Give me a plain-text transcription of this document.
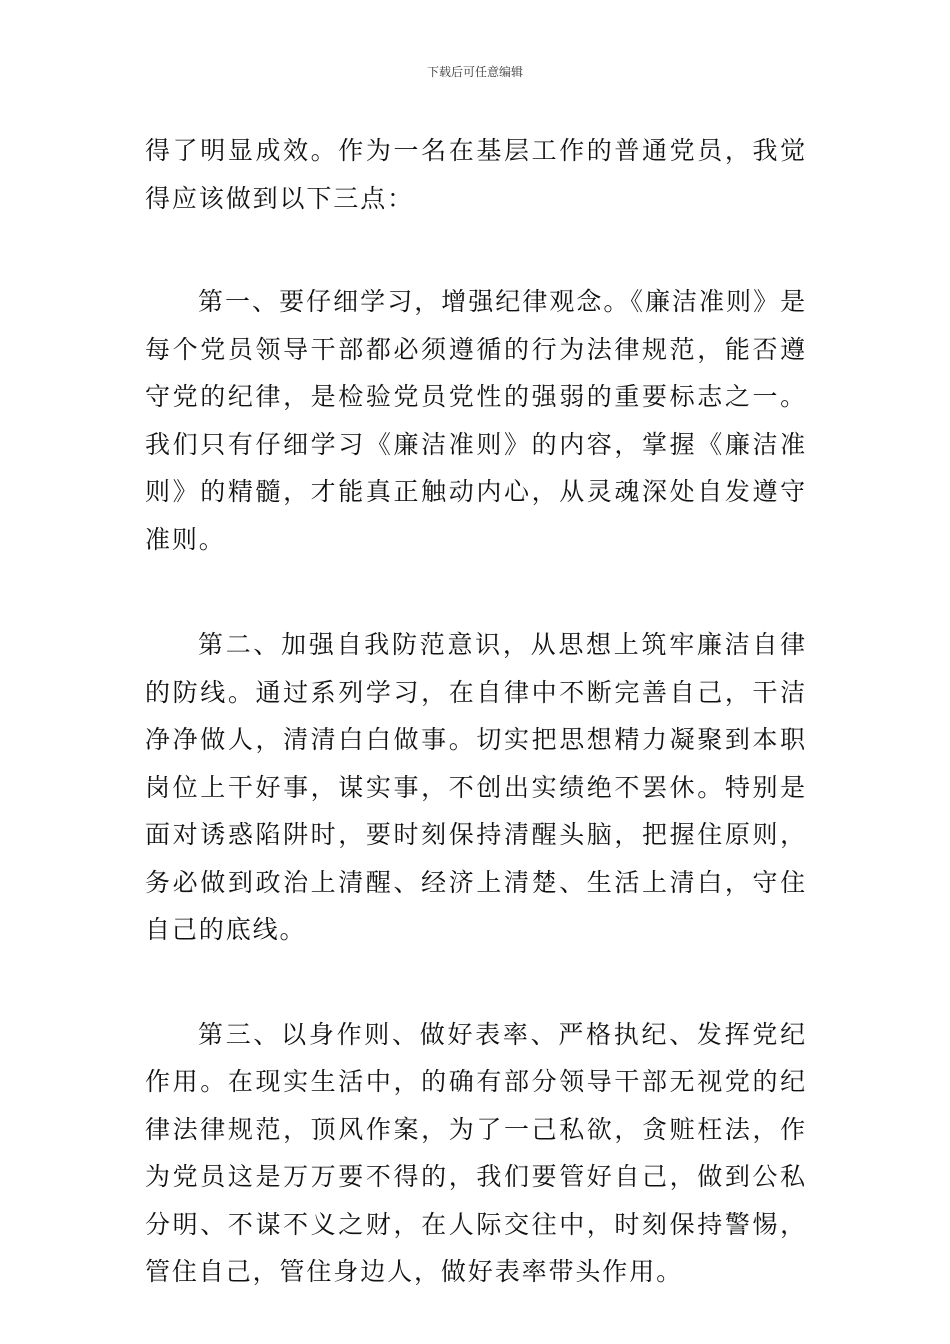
下载后可任意编辑

得了明显成效。作为一名在基层工作的普通党员，我觉得应该做到以下三点：

第一、要仔细学习，增强纪律观念。《廉洁准则》是每个党员领导干部都必须遵循的行为法律规范，能否遵守党的纪律，是检验党员党性的强弱的重要标志之一。我们只有仔细学习《廉洁准则》的内容，掌握《廉洁准则》的精髓，才能真正触动内心，从灵魂深处自发遵守准则。

第二、加强自我防范意识，从思想上筑牢廉洁自律的防线。通过系列学习，在自律中不断完善自己，干洁净净做人，清清白白做事。切实把思想精力凝聚到本职岗位上干好事，谋实事，不创出实绩绝不罢休。特别是面对诱惑陷阱时，要时刻保持清醒头脑，把握住原则，务必做到政治上清醒、经济上清楚、生活上清白，守住自己的底线。

第三、以身作则、做好表率、严格执纪、发挥党纪作用。在现实生活中，的确有部分领导干部无视党的纪律法律规范，顶风作案，为了一己私欲，贪赃枉法，作为党员这是万万要不得的，我们要管好自己，做到公私分明、不谋不义之财，在人际交往中，时刻保持警惕，管住自己，管住身边人，做好表率带头作用。
